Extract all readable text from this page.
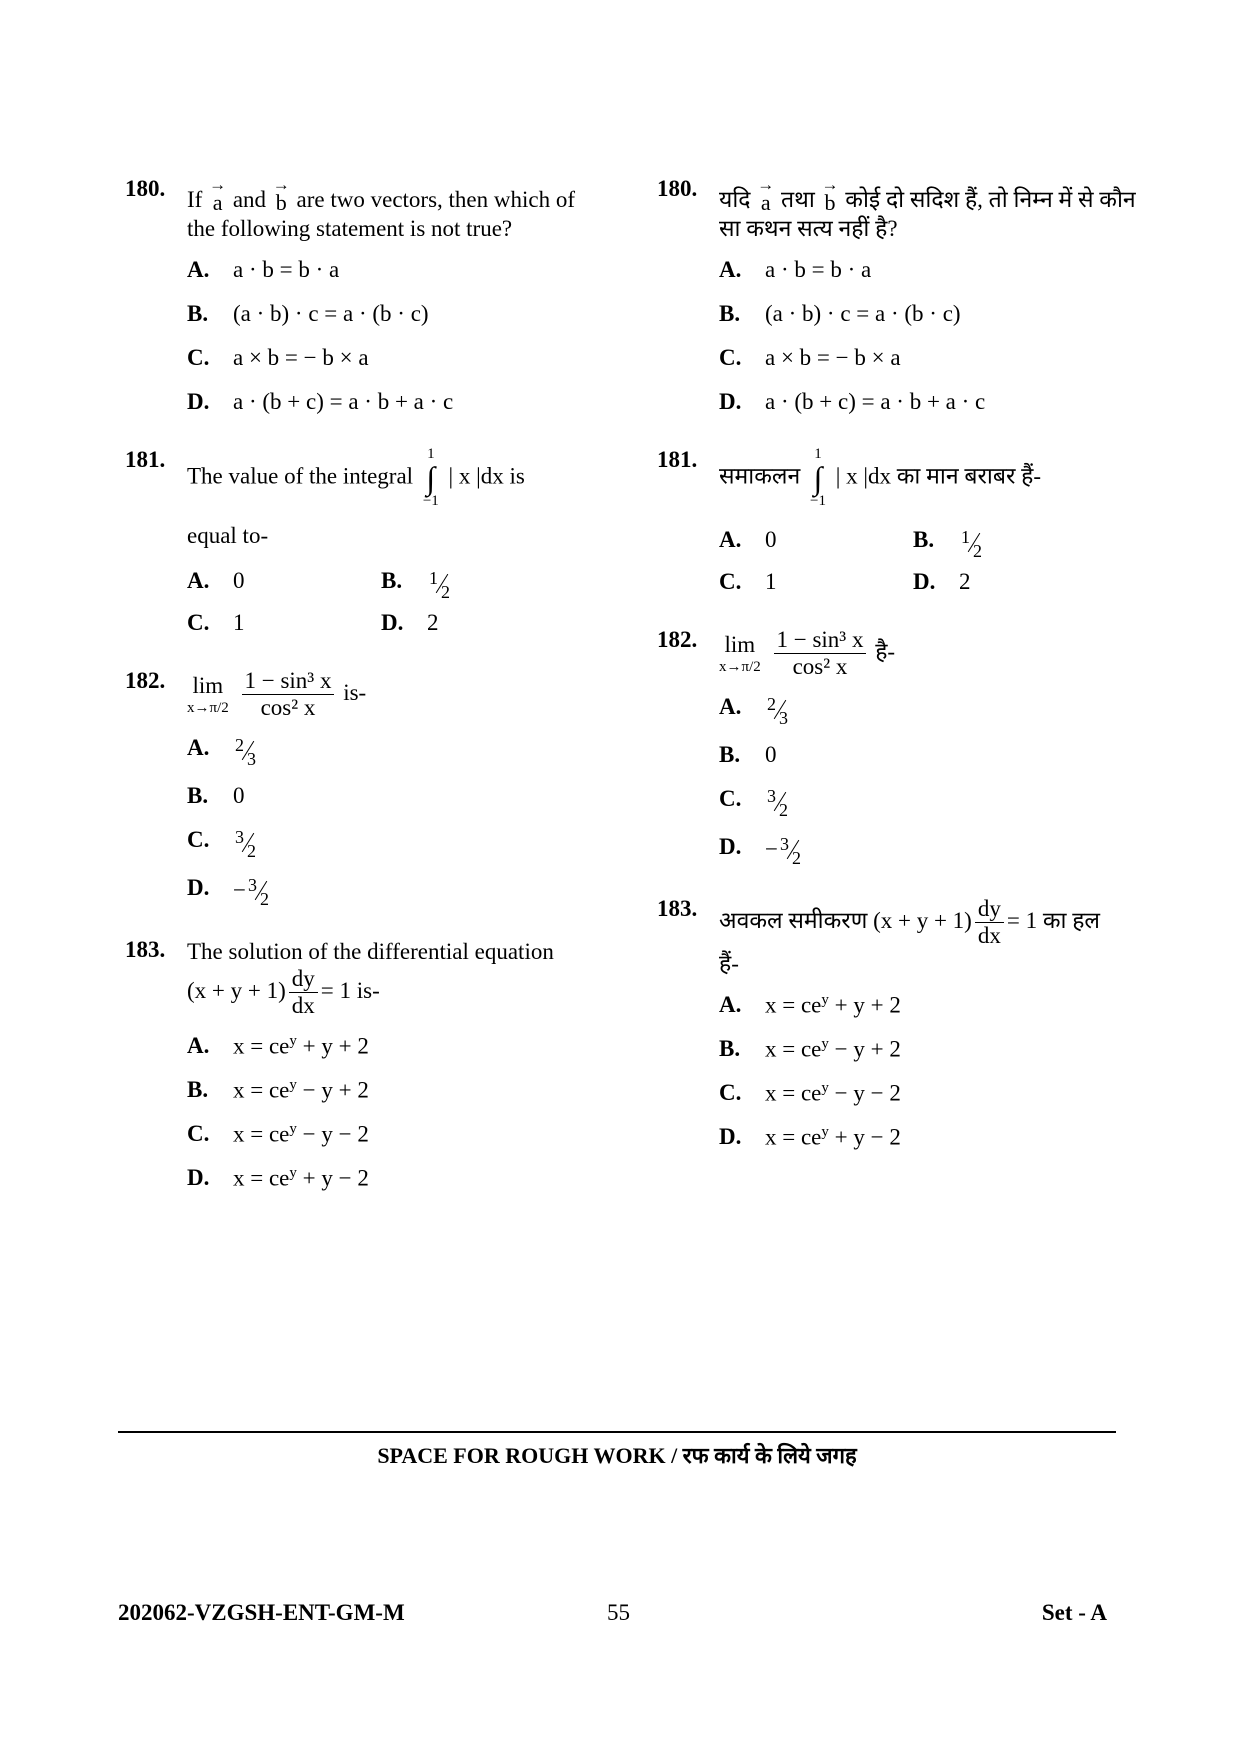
180. If
→
a and
→
b are two vectors, then which of the following statement is not true?
A. a · b = b · a
B. (a · b) · c = a · (b · c)
C. a × b = − b × a
D. a · (b + c) = a · b + a · c
181.
The value of the integral
1
∫
−1
| x |dx is
equal to-
A. 0	B. 1
2
C. 1	D. 2
182. lim
x→π/2
$\frac{\text{1 − sin³ x}}{\text{cos² x}} is-$
A. 2
3
B. 0
C. 3
2
D. − 3
2
183. The solution of the differential equation
$(x + y + 1) \frac{dy}{dx} = 1$ is-
A. $x = ce^y + y + 2$
B. $x = ce^y - y + 2$
C. $x = ce^y - y - 2$
D. $x = ce^y + y - 2$
180. यदि
→
a तथा
→
b कोई दो सदिश हैं, तो निम्न में से कौन सा कथन सत्य नहीं है?
A. a · b = b · a
B. (a · b) · c = a · (b · c)
C. a × b = − b × a
D. a · (b + c) = a · b + a · c
181.
समाकलन
1
∫
−1
| x |dx का मान बराबर हैं-
A. 0	B. 1
2
C. 1	D. 2
182. lim
x→π/2
$\frac{\text{1 − sin³ x}}{\text{cos² x}}$ है-
A. 2
3
B. 0
C. 3
2
D. − 3
2
183. अवकल समीकरण $(x + y + 1) \frac{dy}{dx} = 1$ का हल
हैं-
A. $x = ce^y + y + 2$
B. $x = ce^y - y + 2$
C. $x = ce^y - y - 2$
D. $x = ce^y + y - 2$
SPACE FOR ROUGH WORK / रफ कार्य के लिये जगह
202062-VZGSH-ENT-GM-M	55	Set - A
